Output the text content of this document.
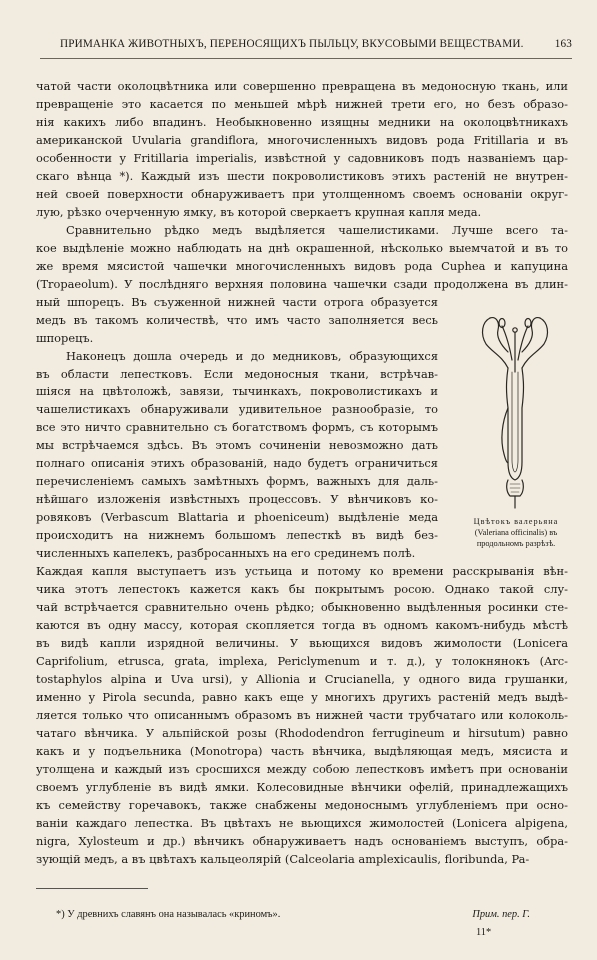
ПРИМАНКА ЖИВОТНЫХЪ, ПЕРЕНОСЯЩИХЪ ПЫЛЬЦУ, ВКУСОВЫМИ ВЕЩЕСТВАМИ.	163
чатой части околоцвѣтника или совершенно превращена въ медоносную ткань, или
превращеніе это касается по меньшей мѣрѣ нижней трети его, но безъ образо-
нія какихъ либо впадинъ. Необыкновенно изящны медники на околоцвѣтникахъ
американской Uvularia grandiflora, многочисленныхъ видовъ рода Fritillaria и въ
особенности у Fritillaria imperialis, извѣстной у садовниковъ подъ названіемъ цар-
скаго вѣнца *). Каждый изъ шести покроволистиковъ этихъ растеній не внутрен-
ней своей поверхности обнаруживаетъ при утолщенномъ своемъ основаніи округ-
лую, рѣзко очерченную ямку, въ которой сверкаетъ крупная капля меда.
Сравнительно рѣдко медъ выдѣляется чашелистиками. Лучше всего та-
кое выдѣленіе можно наблюдать на днѣ окрашенной, нѣсколько выемчатой и въ то
же время мясистой чашечки многочисленныхъ видовъ рода Cuphea и капуцина
(Tropaeolum). У послѣдняго верхняя половина чашечки сзади продолжена въ длин-
ный шпорецъ. Въ съуженной нижней части отрога образуется
медъ въ такомъ количествѣ, что имъ часто заполняется весь
шпорецъ.
Наконецъ дошла очередь и до медниковъ, образующихся
въ области лепестковъ. Если медоносныя ткани, встрѣчав-
шіяся на цвѣтоложѣ, завязи, тычинкахъ, покроволистикахъ и
чашелистикахъ обнаруживали удивительное разнообразіе, то
все это ничто сравнительно съ богатствомъ формъ, съ которымъ
мы встрѣчаемся здѣсь. Въ этомъ сочиненіи невозможно дать
полнаго описанія этихъ образованій, надо будетъ ограничиться
перечисленіемъ самыхъ замѣтныхъ формъ, важныхъ для даль-
нѣйшаго изложенія извѣстныхъ процессовъ. У вѣнчиковъ ко-
ровяковъ (Verbascum Blattaria и phoeniceum) выдѣленіе меда
происходитъ на нижнемъ большомъ лепесткѣ въ видѣ без-
численныхъ капелекъ, разбросанныхъ на его срединемъ полѣ.
Каждая капля выступаетъ изъ устьица и потому ко времени расскрыванія вѣн-
чика этотъ лепестокъ кажется какъ бы покрытымъ росою. Однако такой слу-
чай встрѣчается сравнительно очень рѣдко; обыкновенно выдѣленныя росинки сте-
каются въ одну массу, которая скопляется тогда въ одномъ какомъ-нибудь мѣстѣ
въ видѣ капли изрядной величины. У вьющихся видовъ жимолости (Lonicera
Caprifolium, etrusca, grata, implexa, Periclymenum и т. д.), у толокнянокъ (Arc-
tostaphylos alpina и Uva ursi), у Allionia и Crucianella, у одного вида грушанки,
именно у Pirola secunda, равно какъ еще у многихъ другихъ растеній медъ выдѣ-
ляется только что описаннымъ образомъ въ нижней части трубчатаго или колоколь-
чатаго вѣнчика. У альпійской розы (Rhododendron ferrugineum и hirsutum) равно
какъ и у подъельника (Monotropa) часть вѣнчика, выдѣляющая медъ, мясиста и
утолщена и каждый изъ сросшихся между собою лепестковъ имѣетъ при основаніи
своемъ углубленіе въ видѣ ямки. Колесовидные вѣнчики офелій, принадлежащихъ
къ семейству горечавокъ, также снабжены медоноснымъ углубленіемъ при осно-
ваніи каждаго лепестка. Въ цвѣтахъ не вьющихся жимолостей (Lonicera alpigena,
nigra, Xylosteum и др.) вѣнчикъ обнаруживаетъ надъ основаніемъ выступъ, обра-
зующій медъ, а въ цвѣтахъ кальцеолярій (Calceolaria amplexicaulis, floribunda, Pa-
Цвѣтокъ валерьяна
(Valeriana officinalis) въ
продольномъ разрѣзѣ.
*) У древнихъ славянъ она называлась «криномъ».	Прим. пер. Г.
11*
